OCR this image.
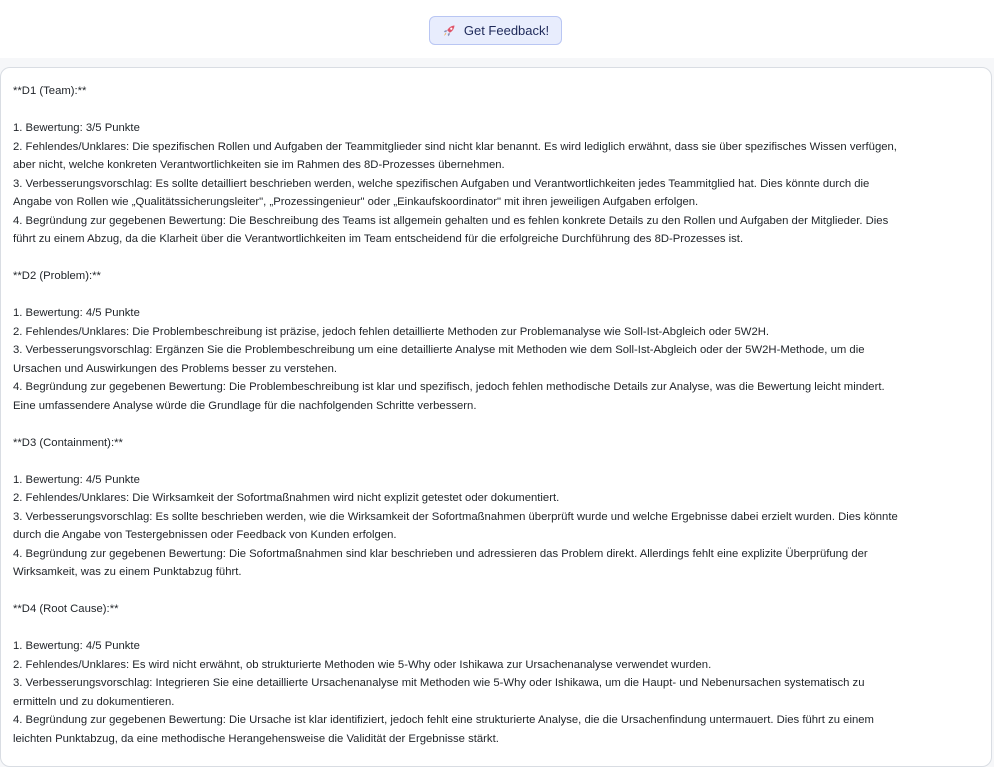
Get Feedback!
**D1 (Team):**
1. Bewertung: 3/5 Punkte
2. Fehlendes/Unklares: Die spezifischen Rollen und Aufgaben der Teammitglieder sind nicht klar benannt. Es wird lediglich erwähnt, dass sie über spezifisches Wissen verfügen,
aber nicht, welche konkreten Verantwortlichkeiten sie im Rahmen des 8D-Prozesses übernehmen.
3. Verbesserungsvorschlag: Es sollte detailliert beschrieben werden, welche spezifischen Aufgaben und Verantwortlichkeiten jedes Teammitglied hat. Dies könnte durch die
Angabe von Rollen wie „Qualitätssicherungsleiter", „Prozessingenieur" oder „Einkaufskoordinator" mit ihren jeweiligen Aufgaben erfolgen.
4. Begründung zur gegebenen Bewertung: Die Beschreibung des Teams ist allgemein gehalten und es fehlen konkrete Details zu den Rollen und Aufgaben der Mitglieder. Dies
führt zu einem Abzug, da die Klarheit über die Verantwortlichkeiten im Team entscheidend für die erfolgreiche Durchführung des 8D-Prozesses ist.
**D2 (Problem):**
1. Bewertung: 4/5 Punkte
2. Fehlendes/Unklares: Die Problembeschreibung ist präzise, jedoch fehlen detaillierte Methoden zur Problemanalyse wie Soll-Ist-Abgleich oder 5W2H.
3. Verbesserungsvorschlag: Ergänzen Sie die Problembeschreibung um eine detaillierte Analyse mit Methoden wie dem Soll-Ist-Abgleich oder der 5W2H-Methode, um die
Ursachen und Auswirkungen des Problems besser zu verstehen.
4. Begründung zur gegebenen Bewertung: Die Problembeschreibung ist klar und spezifisch, jedoch fehlen methodische Details zur Analyse, was die Bewertung leicht mindert.
Eine umfassendere Analyse würde die Grundlage für die nachfolgenden Schritte verbessern.
**D3 (Containment):**
1. Bewertung: 4/5 Punkte
2. Fehlendes/Unklares: Die Wirksamkeit der Sofortmaßnahmen wird nicht explizit getestet oder dokumentiert.
3. Verbesserungsvorschlag: Es sollte beschrieben werden, wie die Wirksamkeit der Sofortmaßnahmen überprüft wurde und welche Ergebnisse dabei erzielt wurden. Dies könnte
durch die Angabe von Testergebnissen oder Feedback von Kunden erfolgen.
4. Begründung zur gegebenen Bewertung: Die Sofortmaßnahmen sind klar beschrieben und adressieren das Problem direkt. Allerdings fehlt eine explizite Überprüfung der
Wirksamkeit, was zu einem Punktabzug führt.
**D4 (Root Cause):**
1. Bewertung: 4/5 Punkte
2. Fehlendes/Unklares: Es wird nicht erwähnt, ob strukturierte Methoden wie 5-Why oder Ishikawa zur Ursachenanalyse verwendet wurden.
3. Verbesserungsvorschlag: Integrieren Sie eine detaillierte Ursachenanalyse mit Methoden wie 5-Why oder Ishikawa, um die Haupt- und Nebenursachen systematisch zu
ermitteln und zu dokumentieren.
4. Begründung zur gegebenen Bewertung: Die Ursache ist klar identifiziert, jedoch fehlt eine strukturierte Analyse, die die Ursachenfindung untermauert. Dies führt zu einem
leichten Punktabzug, da eine methodische Herangehensweise die Validität der Ergebnisse stärkt.
